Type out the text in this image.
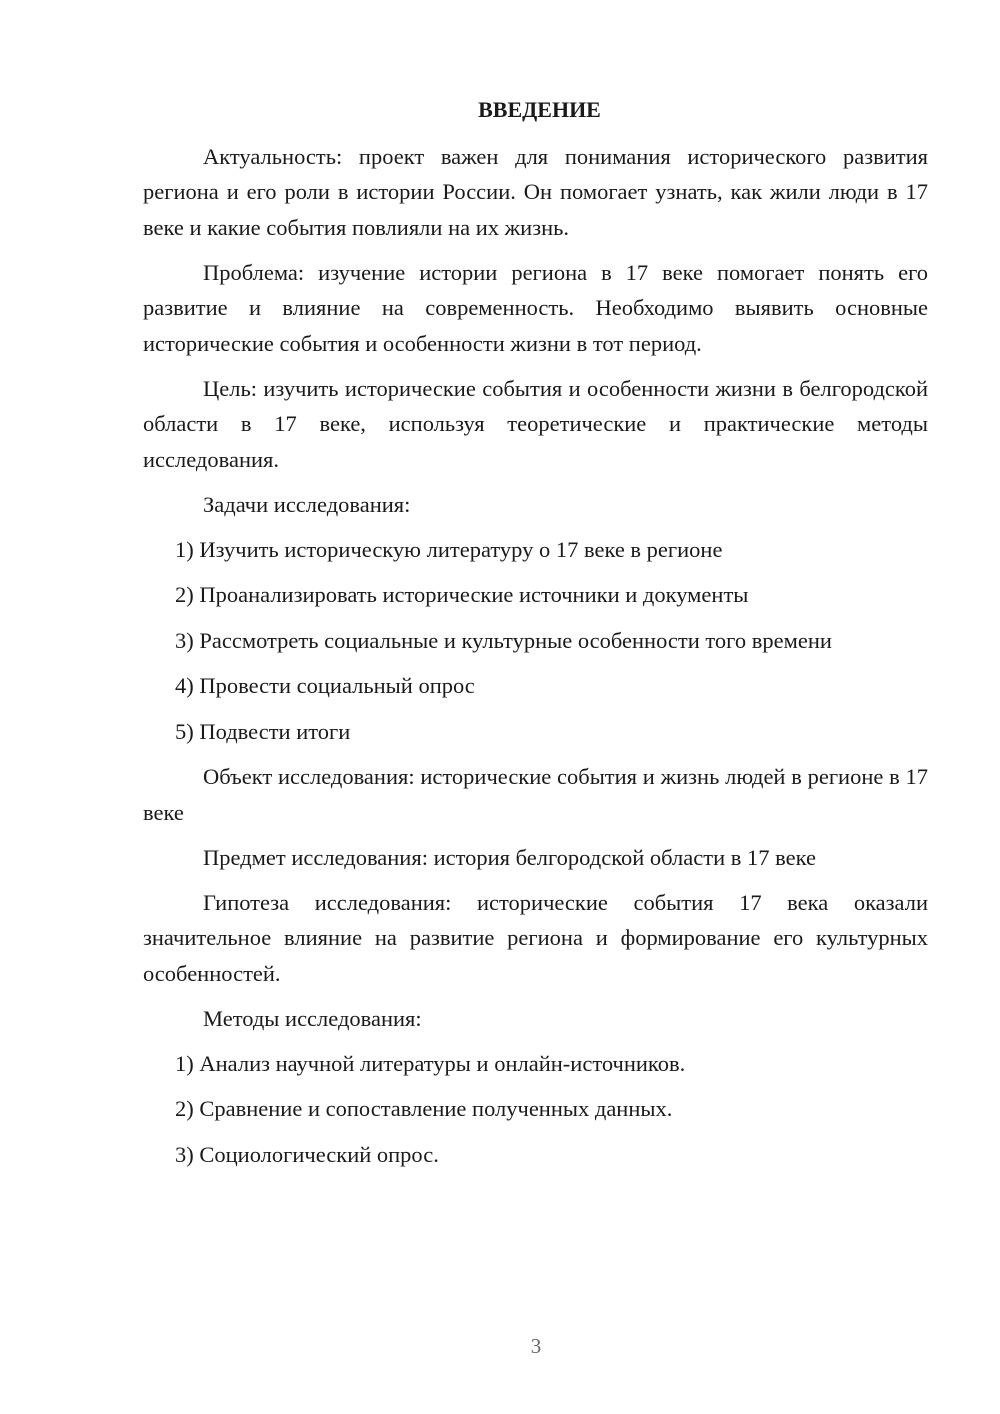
ВВЕДЕНИЕ

Актуальность: проект важен для понимания исторического развития региона и его роли в истории России. Он помогает узнать, как жили люди в 17 веке и какие события повлияли на их жизнь.

Проблема: изучение истории региона в 17 веке помогает понять его развитие и влияние на современность. Необходимо выявить основные исторические события и особенности жизни в тот период.

Цель: изучить исторические события и особенности жизни в белгородской области в 17 веке, используя теоретические и практические методы исследования.

Задачи исследования:

1) Изучить историческую литературу о 17 веке в регионе
2) Проанализировать исторические источники и документы
3) Рассмотреть социальные и культурные особенности того времени
4) Провести социальный опрос
5) Подвести итоги

Объект исследования: исторические события и жизнь людей в регионе в 17 веке

Предмет исследования: история белгородской области в 17 веке

Гипотеза исследования: исторические события 17 века оказали значительное влияние на развитие региона и формирование его культурных особенностей.

Методы исследования:

1) Анализ научной литературы и онлайн-источников.
2) Сравнение и сопоставление полученных данных.
3) Социологический опрос.
3
